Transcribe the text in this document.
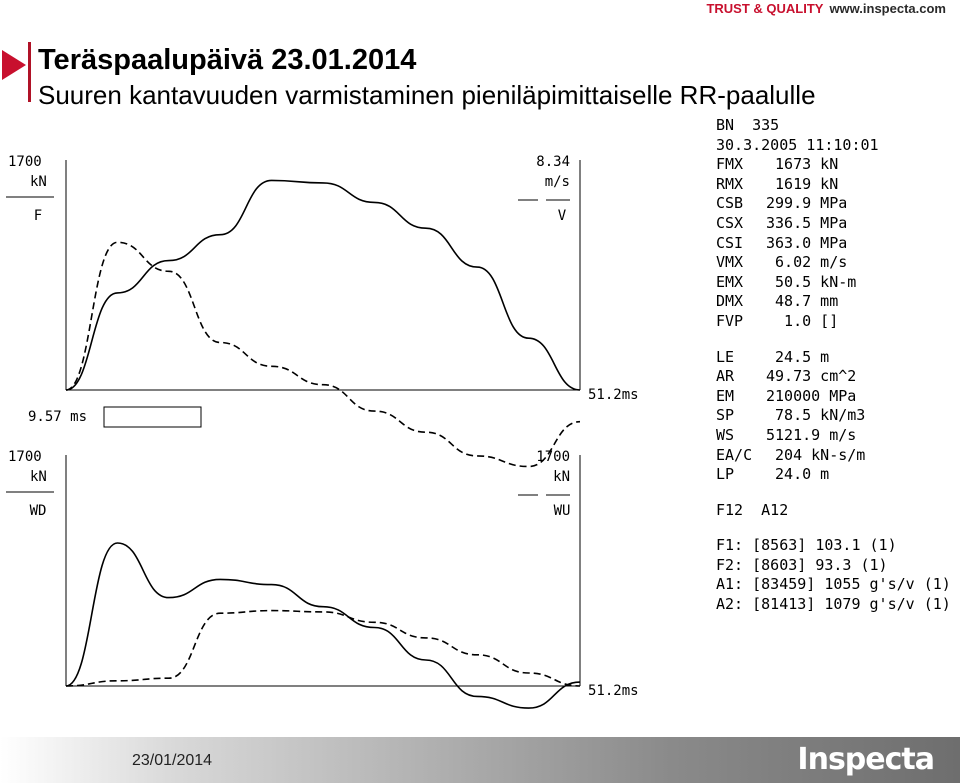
TRUST & QUALITY www.inspecta.com
Teräspaalupäivä 23.01.2014
Suuren kantavuuden varmistaminen pieniläpimittaiselle RR-paalulle
1700
kN
F
8.34
m/s
V
51.2ms
9.57 ms
1700
kN
WD
1700
kN
WU
51.2ms
BN  335
30.3.2005 11:10:01
FMX	1673 kN
RMX	1619 kN
CSB	299.9 MPa
CSX	336.5 MPa
CSI	363.0 MPa
VMX	6.02 m/s
EMX	50.5 kN-m
DMX	48.7 mm
FVP	1.0 []
LE	24.5 m
AR	49.73 cm^2
EM	210000 MPa
SP	78.5 kN/m3
WS	5121.9 m/s
EA/C 204 kN-s/m
LP	24.0 m
F12  A12
F1: [8563] 103.1 (1)
F2: [8603] 93.3 (1)
A1: [83459] 1055 g's/v (1)
A2: [81413] 1079 g's/v (1)
23/01/2014	Inspecta
